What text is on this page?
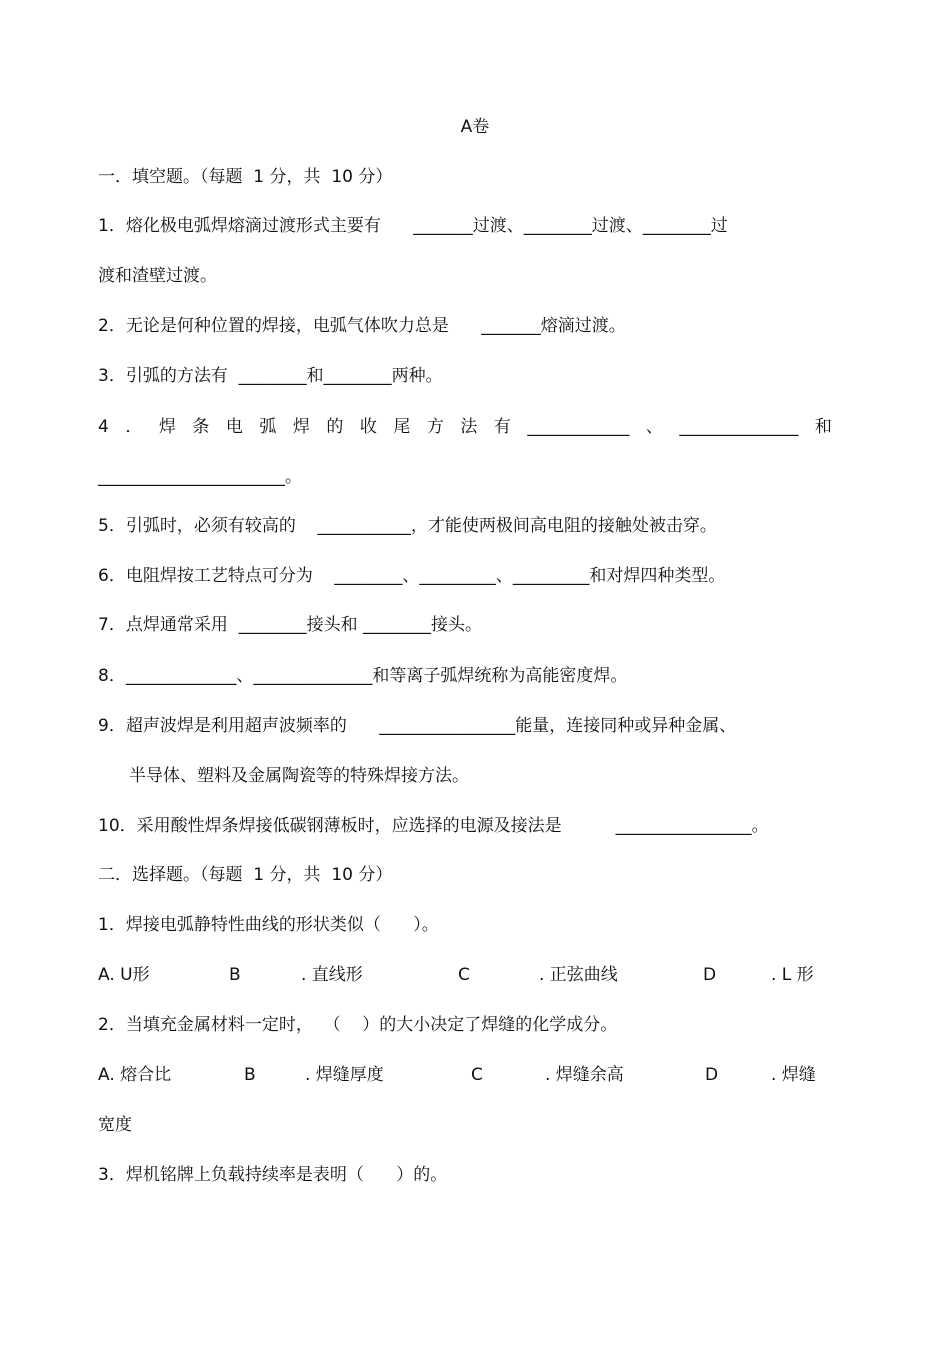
A卷
一．填空题。（每题  1 分，共  10 分）
1．熔化极电弧焊熔滴过渡形式主要有      _______过渡、________过渡、________过
渡和渣壁过渡。
2．无论是何种位置的焊接，电弧气体吹力总是      _______熔滴过渡。
3．引弧的方法有  ________和________两种。
4 ． 焊 条 电 弧 焊 的 收 尾 方 法 有 ____________ 、 ______________ 和
______________________。
5．引弧时，必须有较高的    ___________，才能使两极间高电阻的接触处被击穿。
6．电阻焊按工艺特点可分为    ________、_________、_________和对焊四种类型。
7．点焊通常采用  ________接头和 ________接头。
8．_____________、______________和等离子弧焊统称为高能密度焊。
9．超声波焊是利用超声波频率的      ________________能量，连接同种或异种金属、
半导体、塑料及金属陶瓷等的特殊焊接方法。
10．采用酸性焊条焊接低碳钢薄板时，应选择的电源及接法是          ________________。
二．选择题。（每题  1 分，共  10 分）
1．焊接电弧静特性曲线的形状类似（      ）。
A. U形	B	. 直线形	C	. 正弦曲线	D	. L 形
2．当填充金属材料一定时，  （    ）的大小决定了焊缝的化学成分。
A. 熔合比	B	. 焊缝厚度	C	. 焊缝余高	D	. 焊缝
宽度
3．焊机铭牌上负载持续率是表明（      ）的。
